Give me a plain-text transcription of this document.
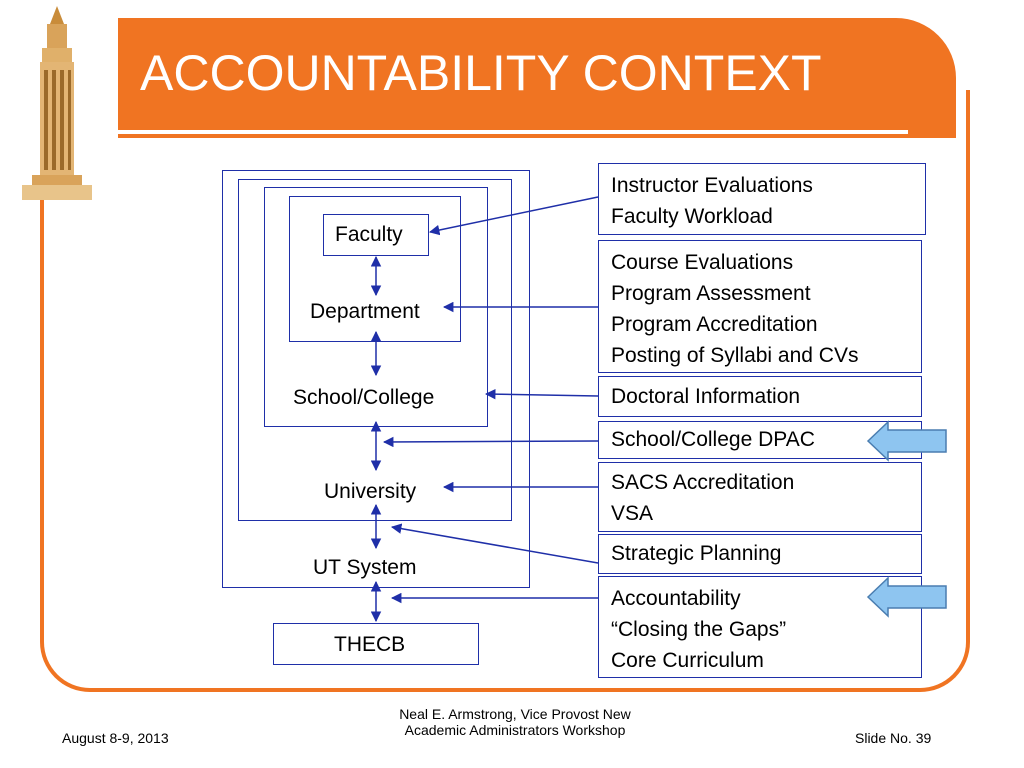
ACCOUNTABILITY CONTEXT
Faculty
Department
School/College
University
UT System
THECB
Instructor Evaluations
Faculty Workload
Course Evaluations
Program Assessment
Program Accreditation
Posting of Syllabi and CVs
Doctoral Information
School/College DPAC
SACS Accreditation
VSA
Strategic Planning
Accountability
“Closing the Gaps”
Core Curriculum
August 8-9, 2013
Neal E. Armstrong, Vice Provost New
Academic Administrators Workshop	Slide No. 39
